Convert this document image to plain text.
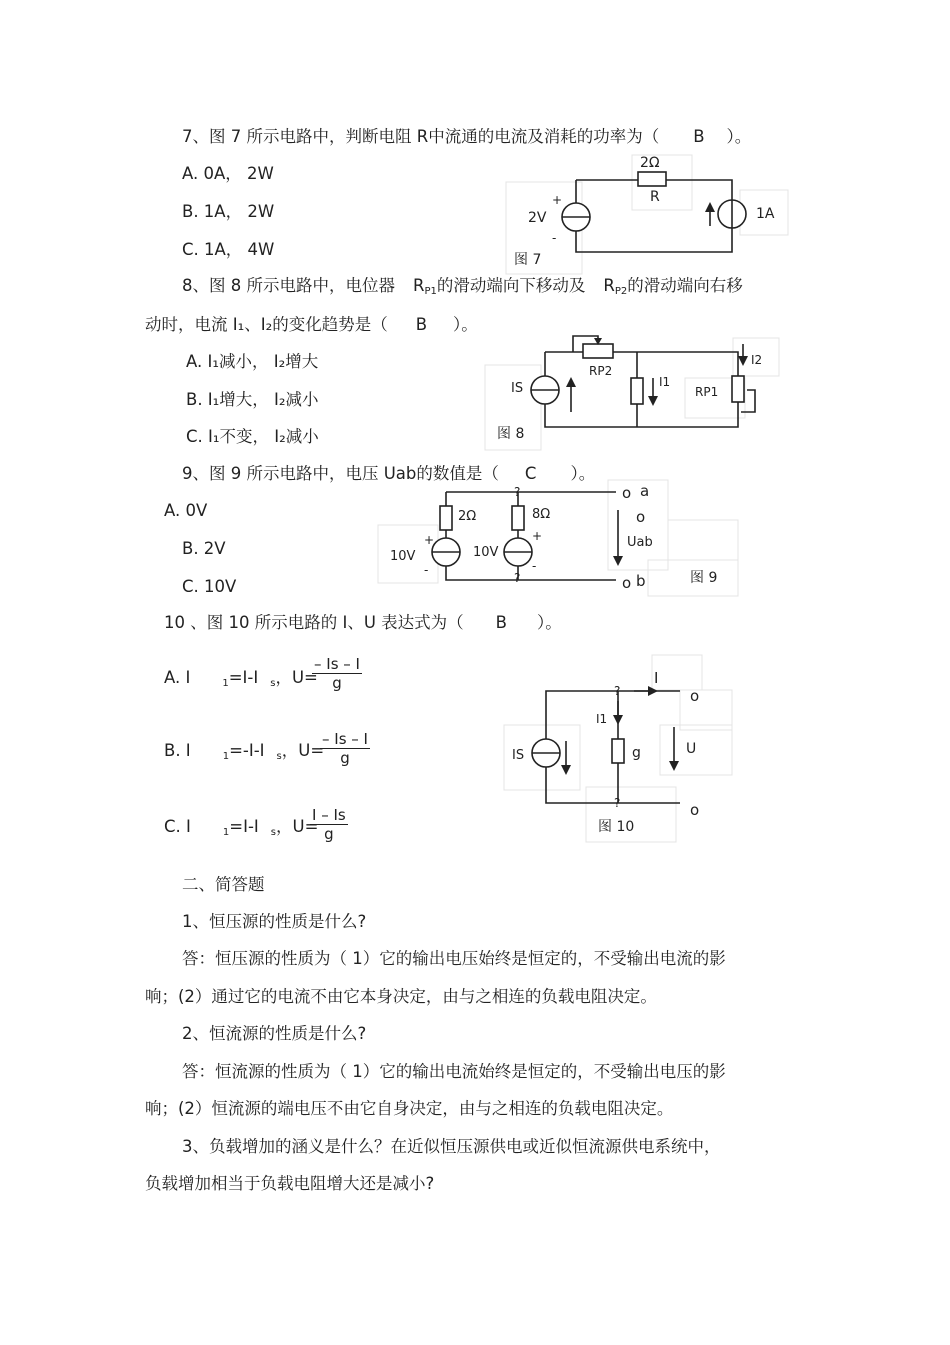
7、图 7 所示电路中，判断电阻 R中流通的电流及消耗的功率为（ B ）。
A. 0A， 2W
B. 1A， 2W
C. 1A， 4W
2Ω
R
2V
+
-
1A
图 7
8、图 8 所示电路中，电位器 $R_{P1}$的滑动端向下移动及 $R_{P2}$的滑动端向右移
动时，电流 I₁、I₂的变化趋势是（ B ）。
A. I₁减小， I₂增大
B. I₁增大， I₂减小
C. I₁不变， I₂减小
IS
RP2
I1
RP1
I2
图 8
9、图 9 所示电路中，电压 Uab的数值是（ C ）。
A. 0V
B. 2V
C. 10V
o a
o
o b
?
?
2Ω	8Ω
10V	10V
+
-
+
-
Uab
图 9
10 、图 10 所示电路的 I、U 表达式为（ B ）。
A. I	$_1$=I-I $_s$，U=
$\frac{- Is - I}{g}$
B. I	$_1$=-I-I $_s$，U=
$\frac{- Is - I}{g}$
C. I	$_1$=I-I $_s$，U=
$\frac{I - Is}{g}$
I
o
o
?
?
I1
IS	g	U
图 10
二、简答题
1、恒压源的性质是什么?
答：恒压源的性质为（ 1）它的输出电压始终是恒定的，不受输出电流的影
响；(2）通过它的电流不由它本身决定，由与之相连的负载电阻决定。
2、恒流源的性质是什么?
答：恒流源的性质为（ 1）它的输出电流始终是恒定的，不受输出电压的影
响；(2）恒流源的端电压不由它自身决定，由与之相连的负载电阻决定。
3、负载增加的涵义是什么？在近似恒压源供电或近似恒流源供电系统中，
负载增加相当于负载电阻增大还是减小?
